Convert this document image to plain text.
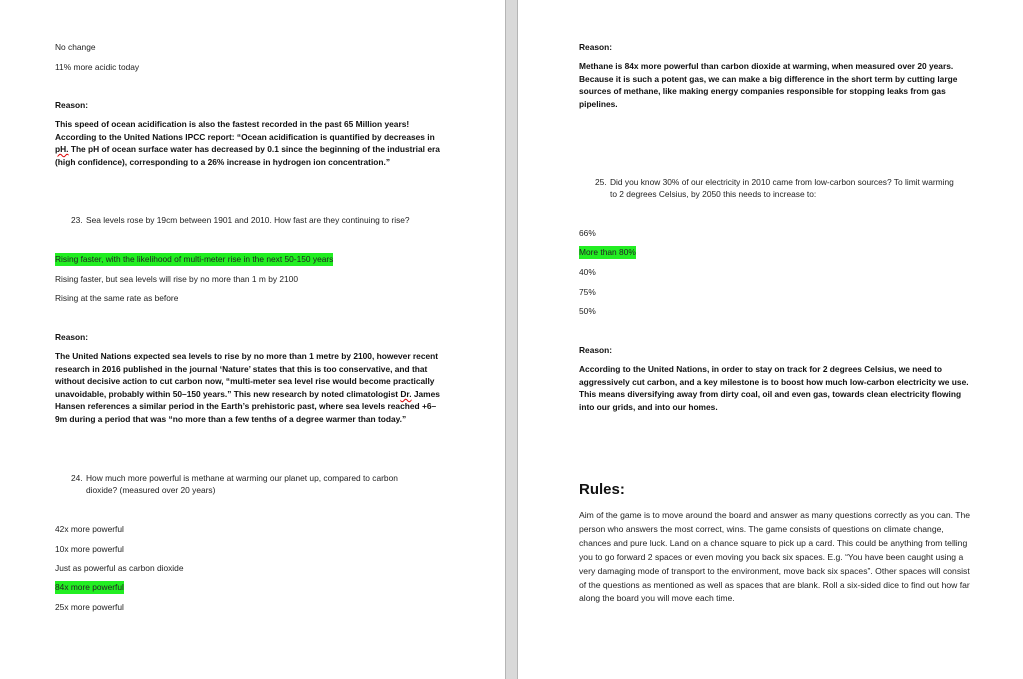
No change
11% more acidic today
Reason:
This speed of ocean acidification is also the fastest recorded in the past 65 Million years! According to the United Nations IPCC report: “Ocean acidification is quantified by decreases in pH. The pH of ocean surface water has decreased by 0.1 since the beginning of the industrial era (high confidence), corresponding to a 26% increase in hydrogen ion concentration.”
23. Sea levels rose by 19cm between 1901 and 2010. How fast are they continuing to rise?
Rising faster, with the likelihood of multi-meter rise in the next 50-150 years
Rising faster, but sea levels will rise by no more than 1 m by 2100
Rising at the same rate as before
Reason:
The United Nations expected sea levels to rise by no more than 1 metre by 2100, however recent research in 2016 published in the journal ‘Nature’ states that this is too conservative, and that without decisive action to cut carbon now, “multi-meter sea level rise would become practically unavoidable, probably within 50–150 years.” This new research by noted climatologist Dr. James Hansen references a similar period in the Earth’s prehistoric past, where sea levels reached +6–9m during a period that was “no more than a few tenths of a degree warmer than today.”
24. How much more powerful is methane at warming our planet up, compared to carbon dioxide? (measured over 20 years)
42x more powerful
10x more powerful
Just as powerful as carbon dioxide
84x more powerful
25x more powerful
Reason:
Methane is 84x more powerful than carbon dioxide at warming, when measured over 20 years. Because it is such a potent gas, we can make a big difference in the short term by cutting large sources of methane, like making energy companies responsible for stopping leaks from gas pipelines.
25. Did you know 30% of our electricity in 2010 came from low-carbon sources? To limit warming to 2 degrees Celsius, by 2050 this needs to increase to:
66%
More than 80%
40%
75%
50%
Reason:
According to the United Nations, in order to stay on track for 2 degrees Celsius, we need to aggressively cut carbon, and a key milestone is to boost how much low-carbon electricity we use. This means diversifying away from dirty coal, oil and even gas, towards clean electricity flowing into our grids, and into our homes.
Rules:
Aim of the game is to move around the board and answer as many questions correctly as you can. The person who answers the most correct, wins. The game consists of questions on climate change, chances and pure luck. Land on a chance square to pick up a card. This could be anything from telling you to go forward 2 spaces or even moving you back six spaces. E.g. “You have been caught using a very damaging mode of transport to the environment, move back six spaces”. Other spaces will consist of the questions as mentioned as well as spaces that are blank. Roll a six-sided dice to find out how far along the board you will move each time.
